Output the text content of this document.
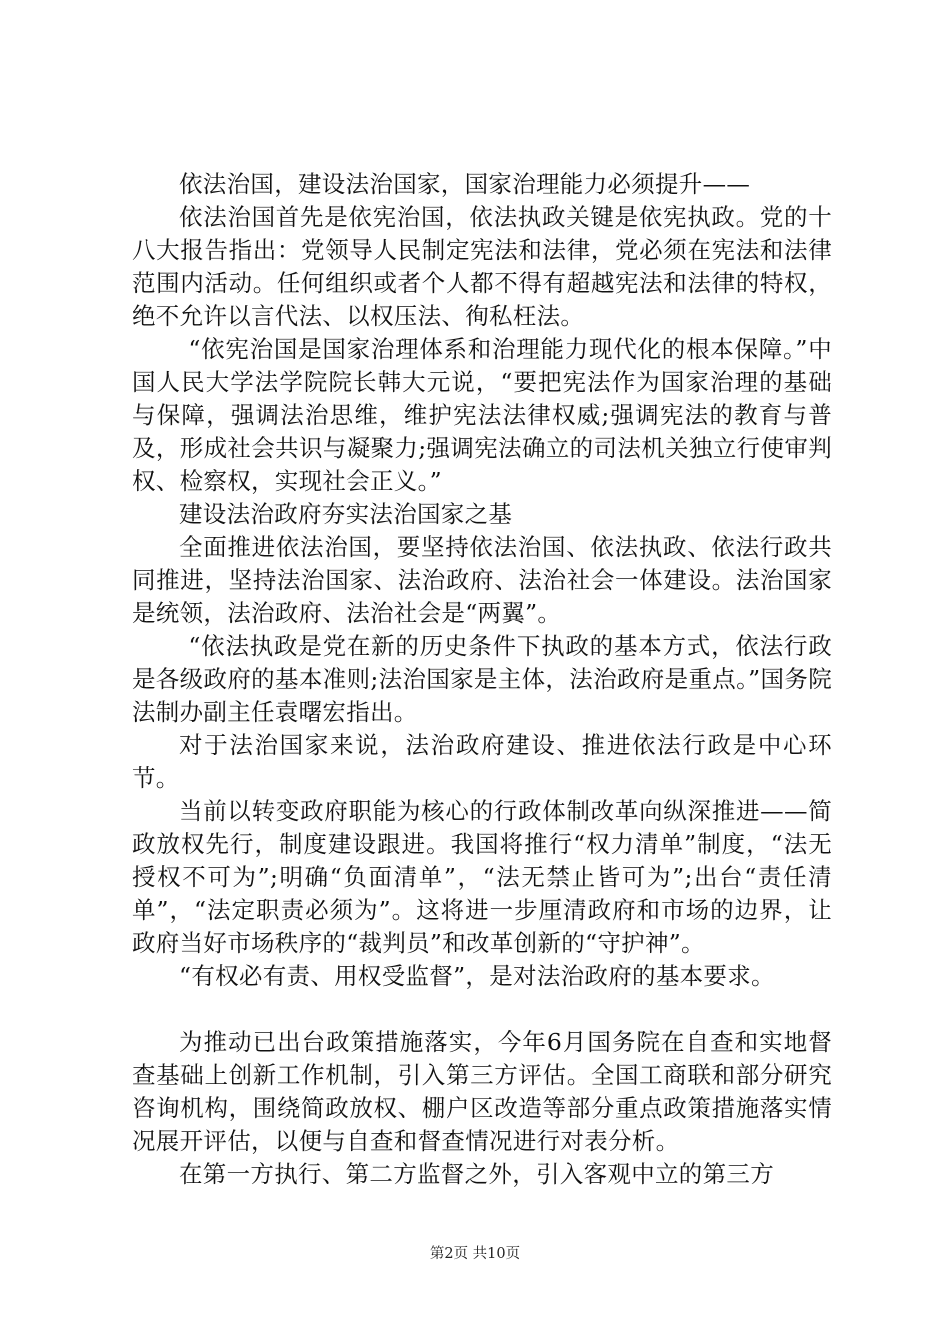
依法治国，建设法治国家，国家治理能力必须提升——

依法治国首先是依宪治国，依法执政关键是依宪执政。党的十八大报告指出：党领导人民制定宪法和法律，党必须在宪法和法律范围内活动。任何组织或者个人都不得有超越宪法和法律的特权，绝不允许以言代法、以权压法、徇私枉法。

“依宪治国是国家治理体系和治理能力现代化的根本保障。”中国人民大学法学院院长韩大元说，“要把宪法作为国家治理的基础与保障，强调法治思维，维护宪法法律权威;强调宪法的教育与普及，形成社会共识与凝聚力;强调宪法确立的司法机关独立行使审判权、检察权，实现社会正义。”

建设法治政府夯实法治国家之基

全面推进依法治国，要坚持依法治国、依法执政、依法行政共同推进，坚持法治国家、法治政府、法治社会一体建设。法治国家是统领，法治政府、法治社会是“两翼”。

“依法执政是党在新的历史条件下执政的基本方式，依法行政是各级政府的基本准则;法治国家是主体，法治政府是重点。”国务院法制办副主任袁曙宏指出。

对于法治国家来说，法治政府建设、推进依法行政是中心环节。

当前以转变政府职能为核心的行政体制改革向纵深推进——简政放权先行，制度建设跟进。我国将推行“权力清单”制度，“法无授权不可为”;明确“负面清单”，“法无禁止皆可为”;出台“责任清单”，“法定职责必须为”。这将进一步厘清政府和市场的边界，让政府当好市场秩序的“裁判员”和改革创新的“守护神”。

“有权必有责、用权受监督”，是对法治政府的基本要求。

为推动已出台政策措施落实，今年6月国务院在自查和实地督查基础上创新工作机制，引入第三方评估。全国工商联和部分研究咨询机构，围绕简政放权、棚户区改造等部分重点政策措施落实情况展开评估，以便与自查和督查情况进行对表分析。

在第一方执行、第二方监督之外，引入客观中立的第三方

第2页 共10页
